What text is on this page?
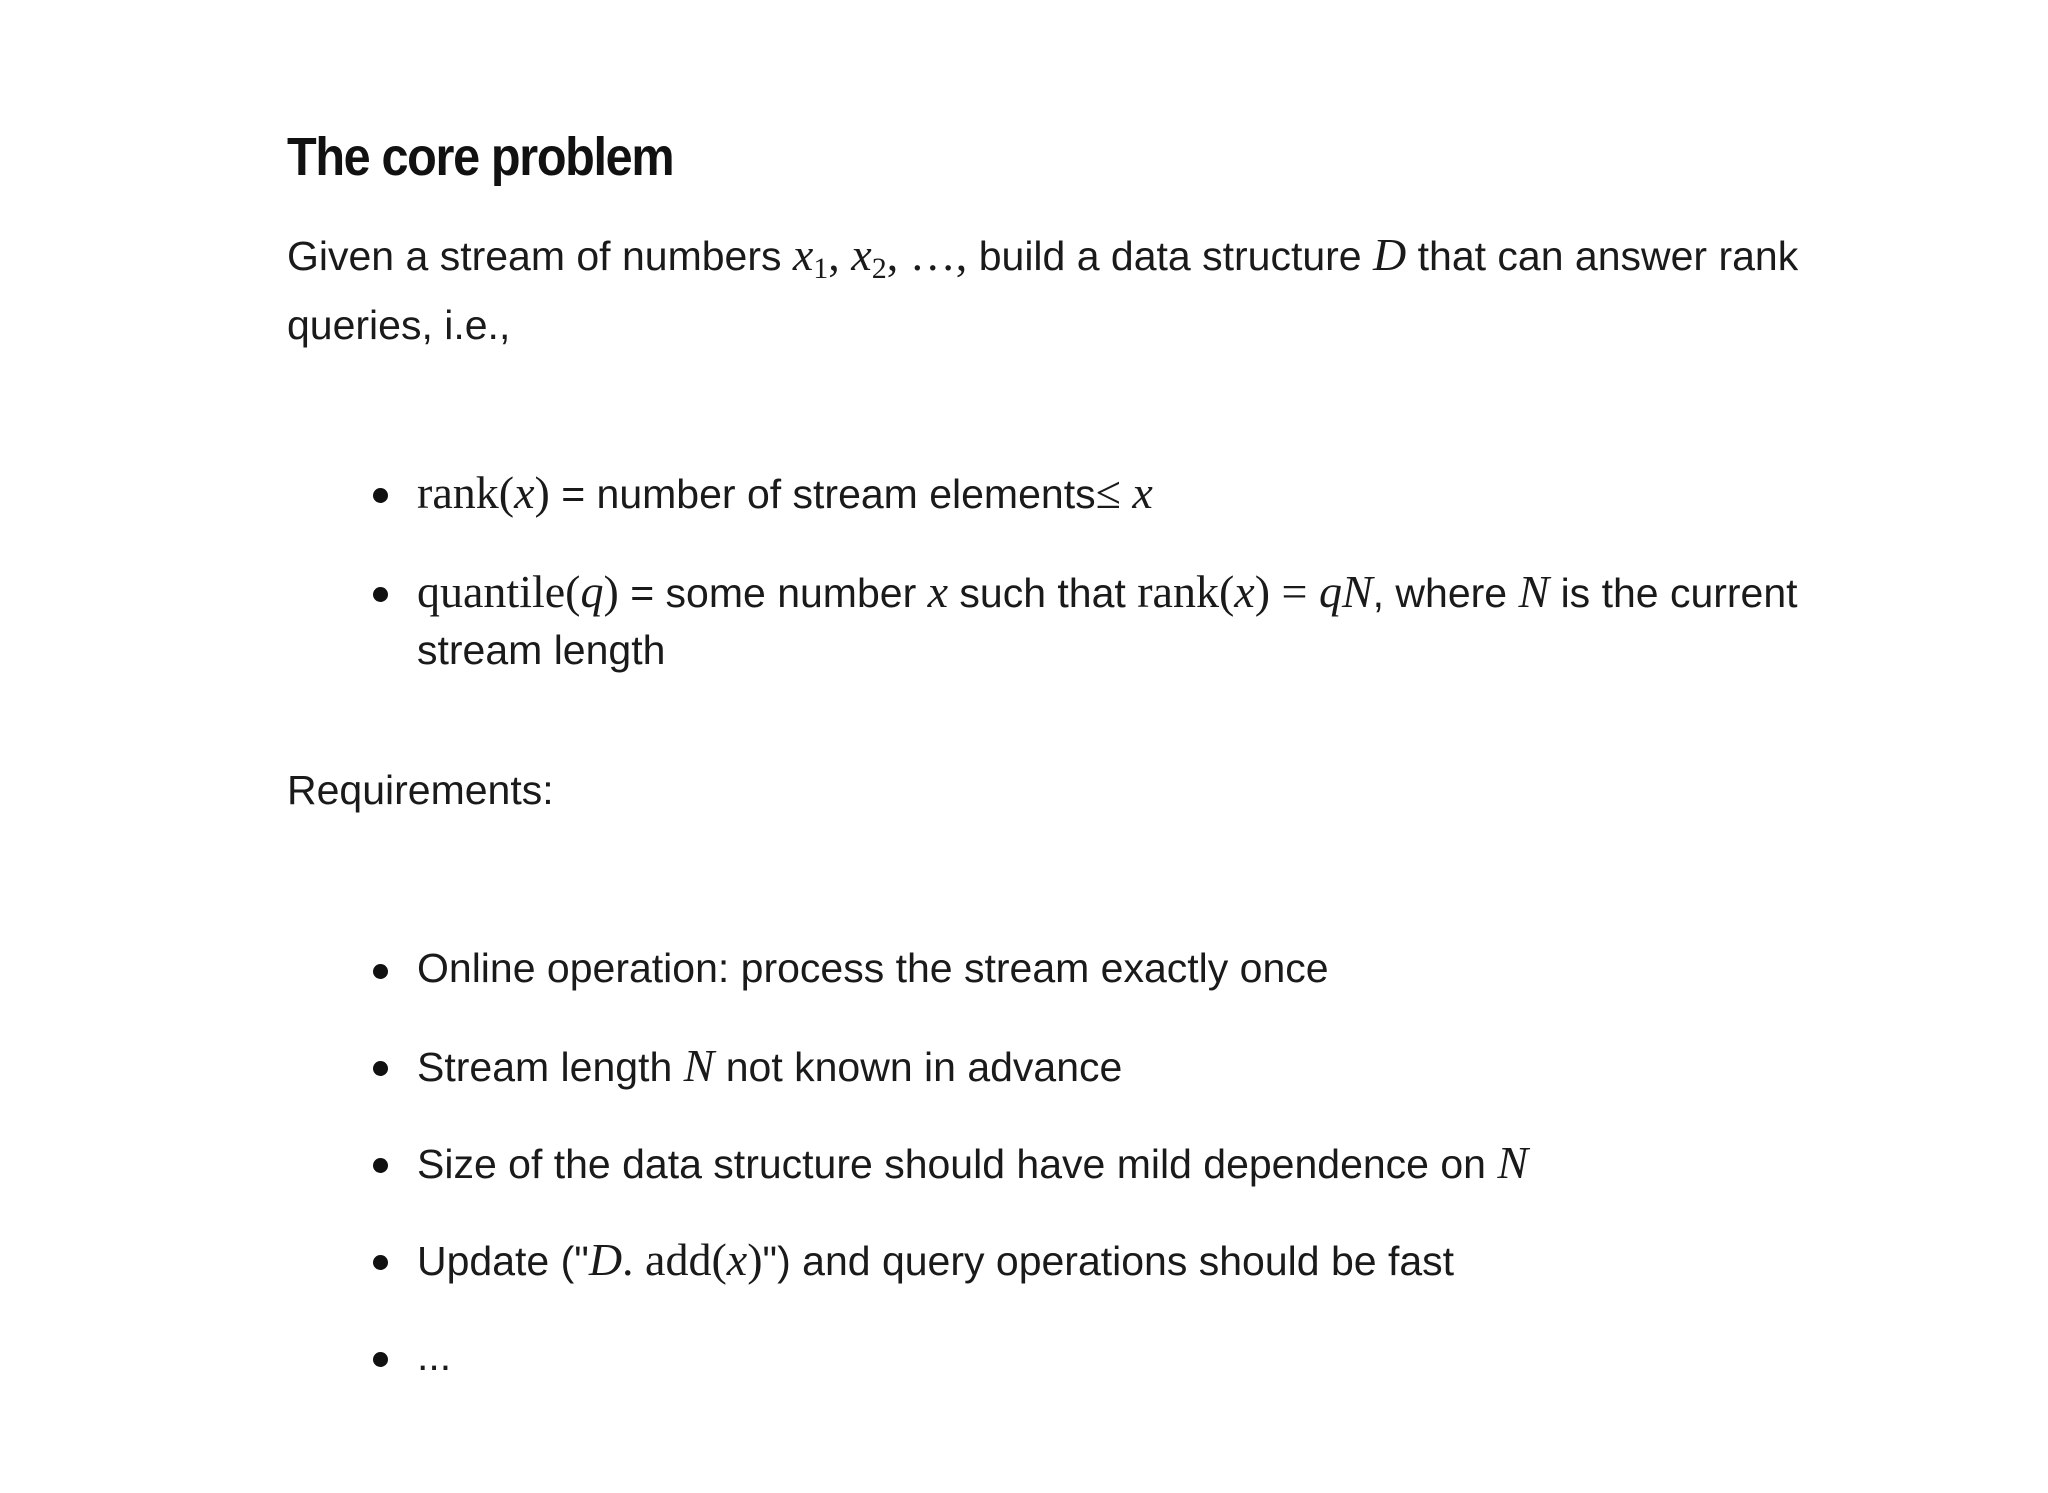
The core problem

Given a stream of numbers $x_1$, $x_2$, …, build a data structure D that can answer rank queries, i.e.,

rank(x) = number of stream elements≤ x
quantile(q) = some number x such that rank(x) = qN, where N is the current stream length

Requirements:

Online operation: process the stream exactly once
Stream length N not known in advance
Size of the data structure should have mild dependence on N
Update ("D. add(x)") and query operations should be fast
...
